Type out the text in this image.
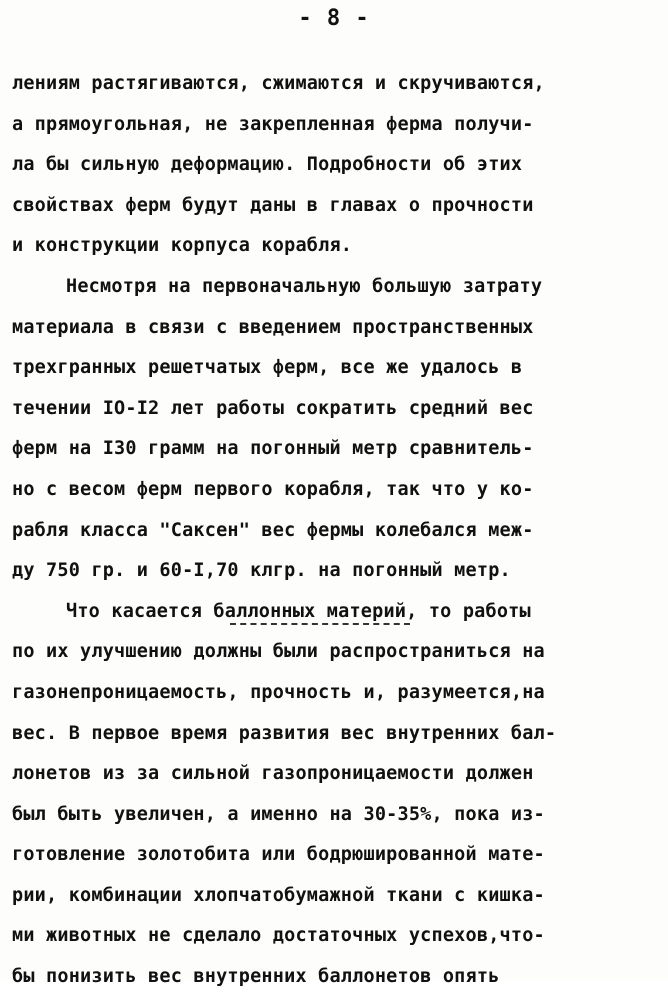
- 8 -
лениям растягиваются, сжимаются и скручиваются,
а прямоугольная, не закрепленная ферма получи-
ла бы сильную деформацию. Подробности об этих
свойствах ферм будут даны в главах о прочности
и конструкции корпуса корабля.
Несмотря на первоначальную большую затрату
материала в связи с введением пространственных
трехгранных решетчатых ферм, все же удалось в
течении IO-I2 лет работы сократить средний вес
ферм на I30 грамм на погонный метр сравнитель-
но с весом ферм первого корабля, так что у ко-
рабля класса "Саксен" вес фермы колебался меж-
ду 750 гр. и 60-I,70 клгр. на погонный метр.
Что касается баллонных материй, то работы
по их улучшению должны были распространиться на
газонепроницаемость, прочность и, разумеется,на
вес. В первое время развития вес внутренних бал-
лонетов из за сильной газопроницаемости должен
был быть увеличен, а именно на 30-35%, пока из-
готовление золотобита или бодрюшированной мате-
рии, комбинации хлопчатобумажной ткани с кишка-
ми животных не сделало достаточных успехов,что-
бы понизить вес внутренних баллонетов опять
